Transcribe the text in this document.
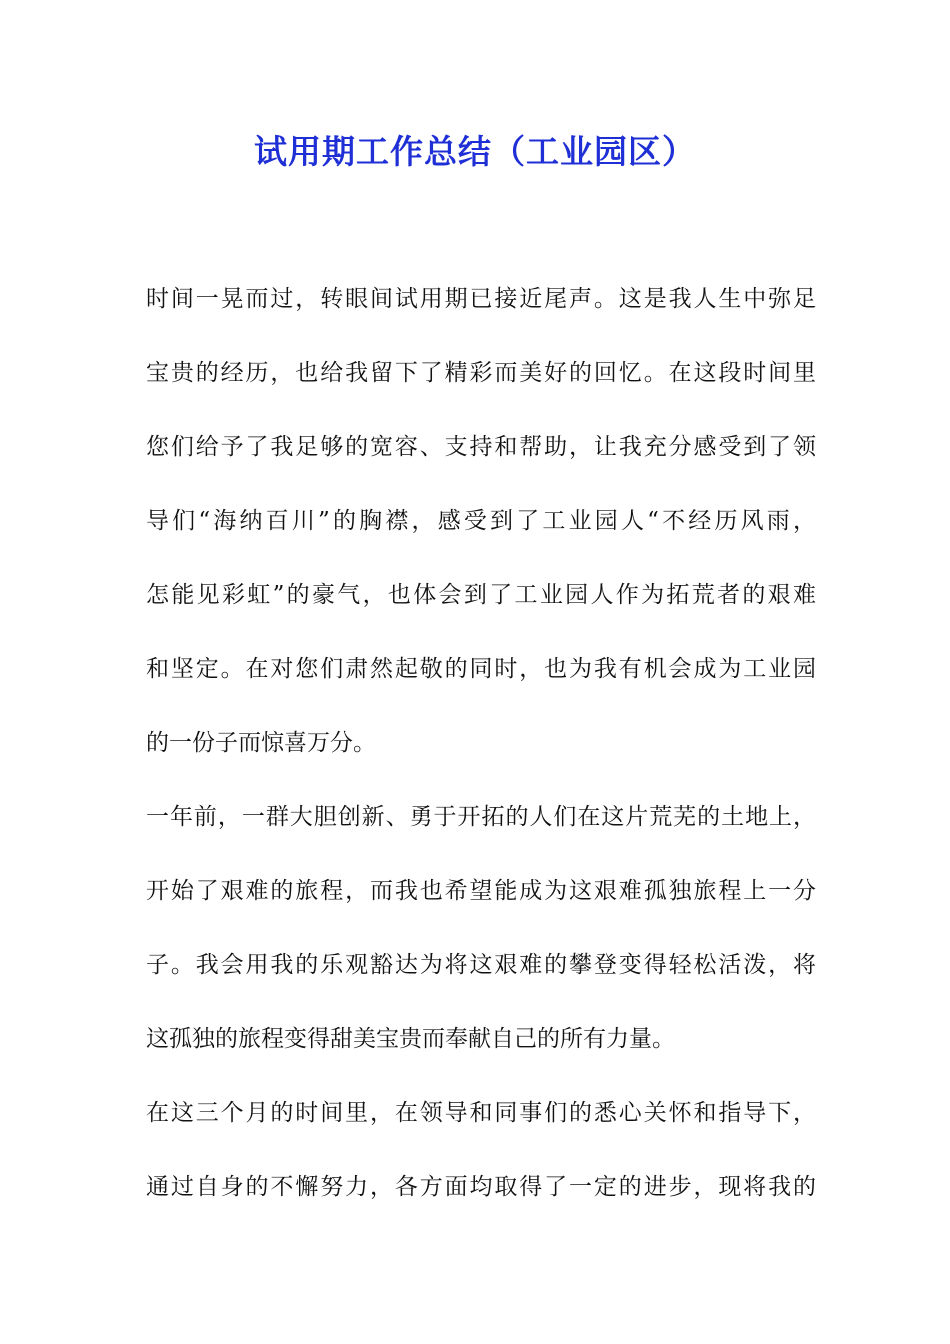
试用期工作总结（工业园区）
时间一晃而过，转眼间试用期已接近尾声。这是我人生中弥足
宝贵的经历，也给我留下了精彩而美好的回忆。在这段时间里
您们给予了我足够的宽容、支持和帮助，让我充分感受到了领
导们“海纳百川”的胸襟，感受到了工业园人“不经历风雨，
怎能见彩虹”的豪气，也体会到了工业园人作为拓荒者的艰难
和坚定。在对您们肃然起敬的同时，也为我有机会成为工业园
的一份子而惊喜万分。
一年前，一群大胆创新、勇于开拓的人们在这片荒芜的土地上，
开始了艰难的旅程，而我也希望能成为这艰难孤独旅程上一分
子。我会用我的乐观豁达为将这艰难的攀登变得轻松活泼，将
这孤独的旅程变得甜美宝贵而奉献自己的所有力量。
在这三个月的时间里，在领导和同事们的悉心关怀和指导下，
通过自身的不懈努力，各方面均取得了一定的进步，现将我的
